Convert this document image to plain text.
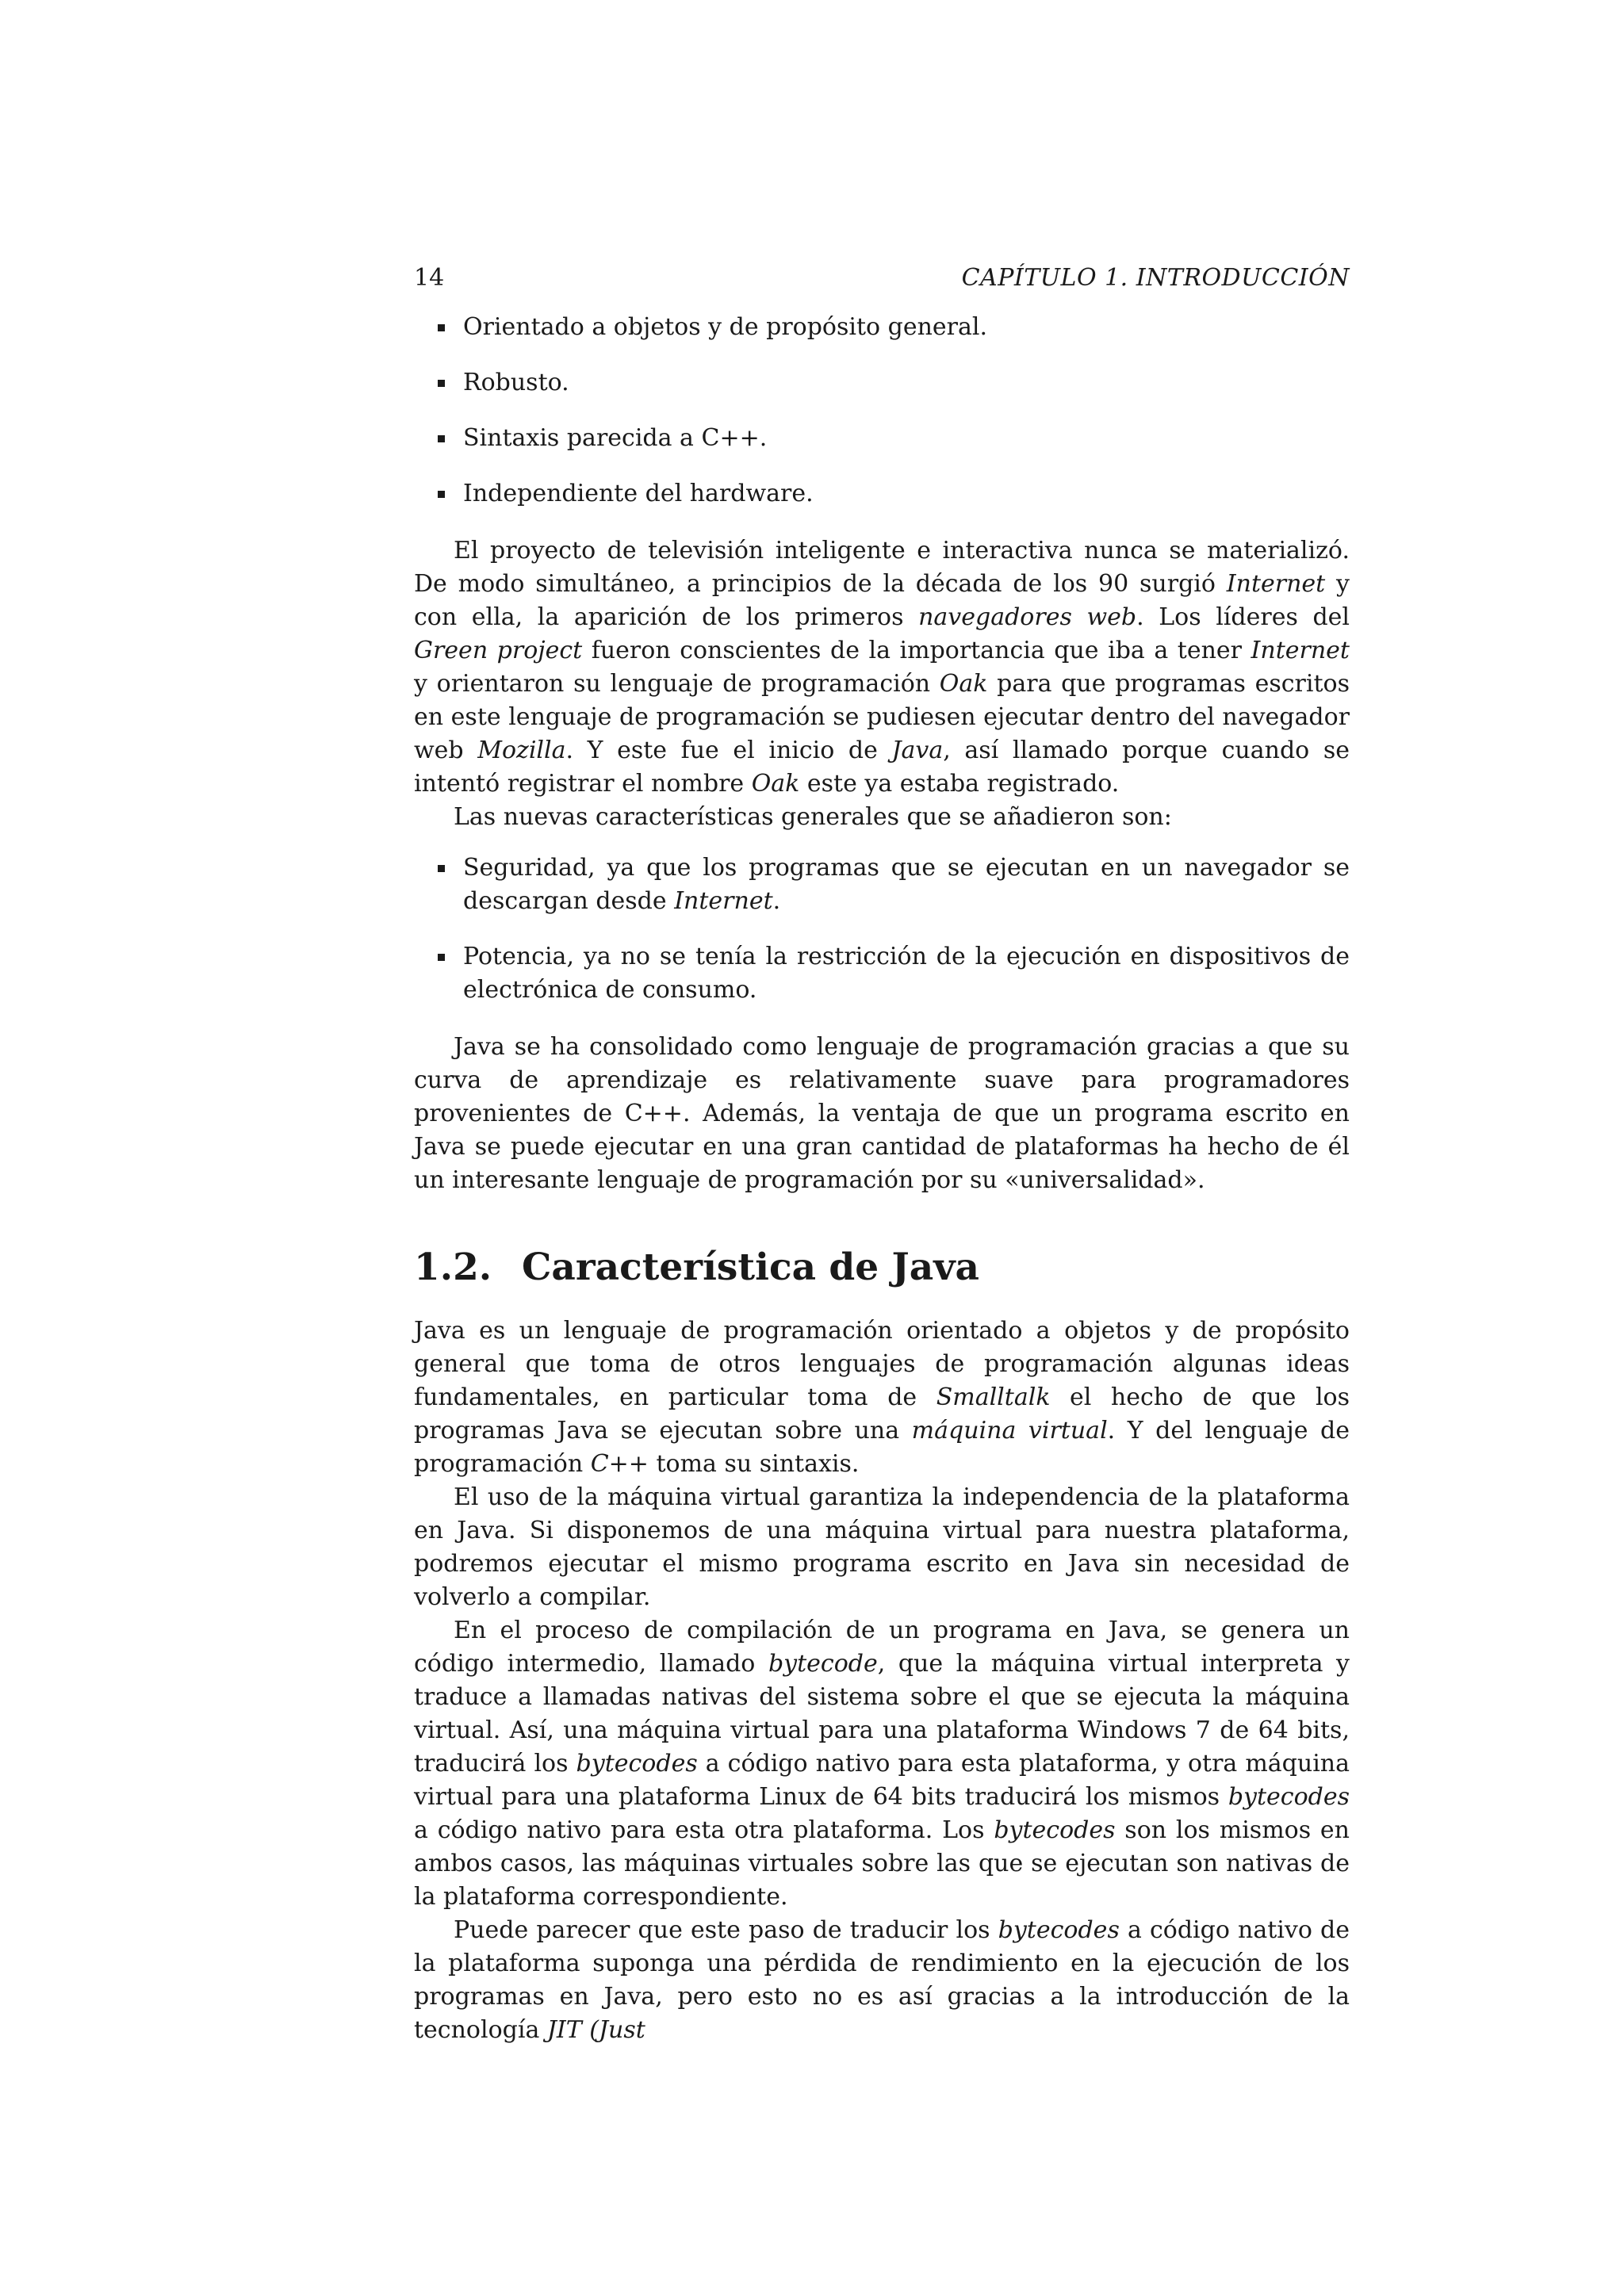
14	CAPÍTULO 1. INTRODUCCIÓN
Orientado a objetos y de propósito general.
Robusto.
Sintaxis parecida a C++.
Independiente del hardware.

El proyecto de televisión inteligente e interactiva nunca se materializó. De modo simultáneo, a principios de la década de los 90 surgió Internet y con ella, la aparición de los primeros navegadores web. Los líderes del Green project fueron conscientes de la importancia que iba a tener Internet y orientaron su lenguaje de programación Oak para que programas escritos en este lenguaje de programación se pudiesen ejecutar dentro del navegador web Mozilla. Y este fue el inicio de Java, así llamado porque cuando se intentó registrar el nombre Oak este ya estaba registrado.

Las nuevas características generales que se añadieron son:

Seguridad, ya que los programas que se ejecutan en un navegador se descargan desde Internet.
Potencia, ya no se tenía la restricción de la ejecución en dispositivos de electrónica de consumo.

Java se ha consolidado como lenguaje de programación gracias a que su curva de aprendizaje es relativamente suave para programadores provenientes de C++. Además, la ventaja de que un programa escrito en Java se puede ejecutar en una gran cantidad de plataformas ha hecho de él un interesante lenguaje de programación por su «universalidad».

1.2. Característica de Java

Java es un lenguaje de programación orientado a objetos y de propósito general que toma de otros lenguajes de programación algunas ideas fundamentales, en particular toma de Smalltalk el hecho de que los programas Java se ejecutan sobre una máquina virtual. Y del lenguaje de programación C++ toma su sintaxis.

El uso de la máquina virtual garantiza la independencia de la plataforma en Java. Si disponemos de una máquina virtual para nuestra plataforma, podremos ejecutar el mismo programa escrito en Java sin necesidad de volverlo a compilar.

En el proceso de compilación de un programa en Java, se genera un código intermedio, llamado bytecode, que la máquina virtual interpreta y traduce a llamadas nativas del sistema sobre el que se ejecuta la máquina virtual. Así, una máquina virtual para una plataforma Windows 7 de 64 bits, traducirá los bytecodes a código nativo para esta plataforma, y otra máquina virtual para una plataforma Linux de 64 bits traducirá los mismos bytecodes a código nativo para esta otra plataforma. Los bytecodes son los mismos en ambos casos, las máquinas virtuales sobre las que se ejecutan son nativas de la plataforma correspondiente.

Puede parecer que este paso de traducir los bytecodes a código nativo de la plataforma suponga una pérdida de rendimiento en la ejecución de los programas en Java, pero esto no es así gracias a la introducción de la tecnología JIT (Just
